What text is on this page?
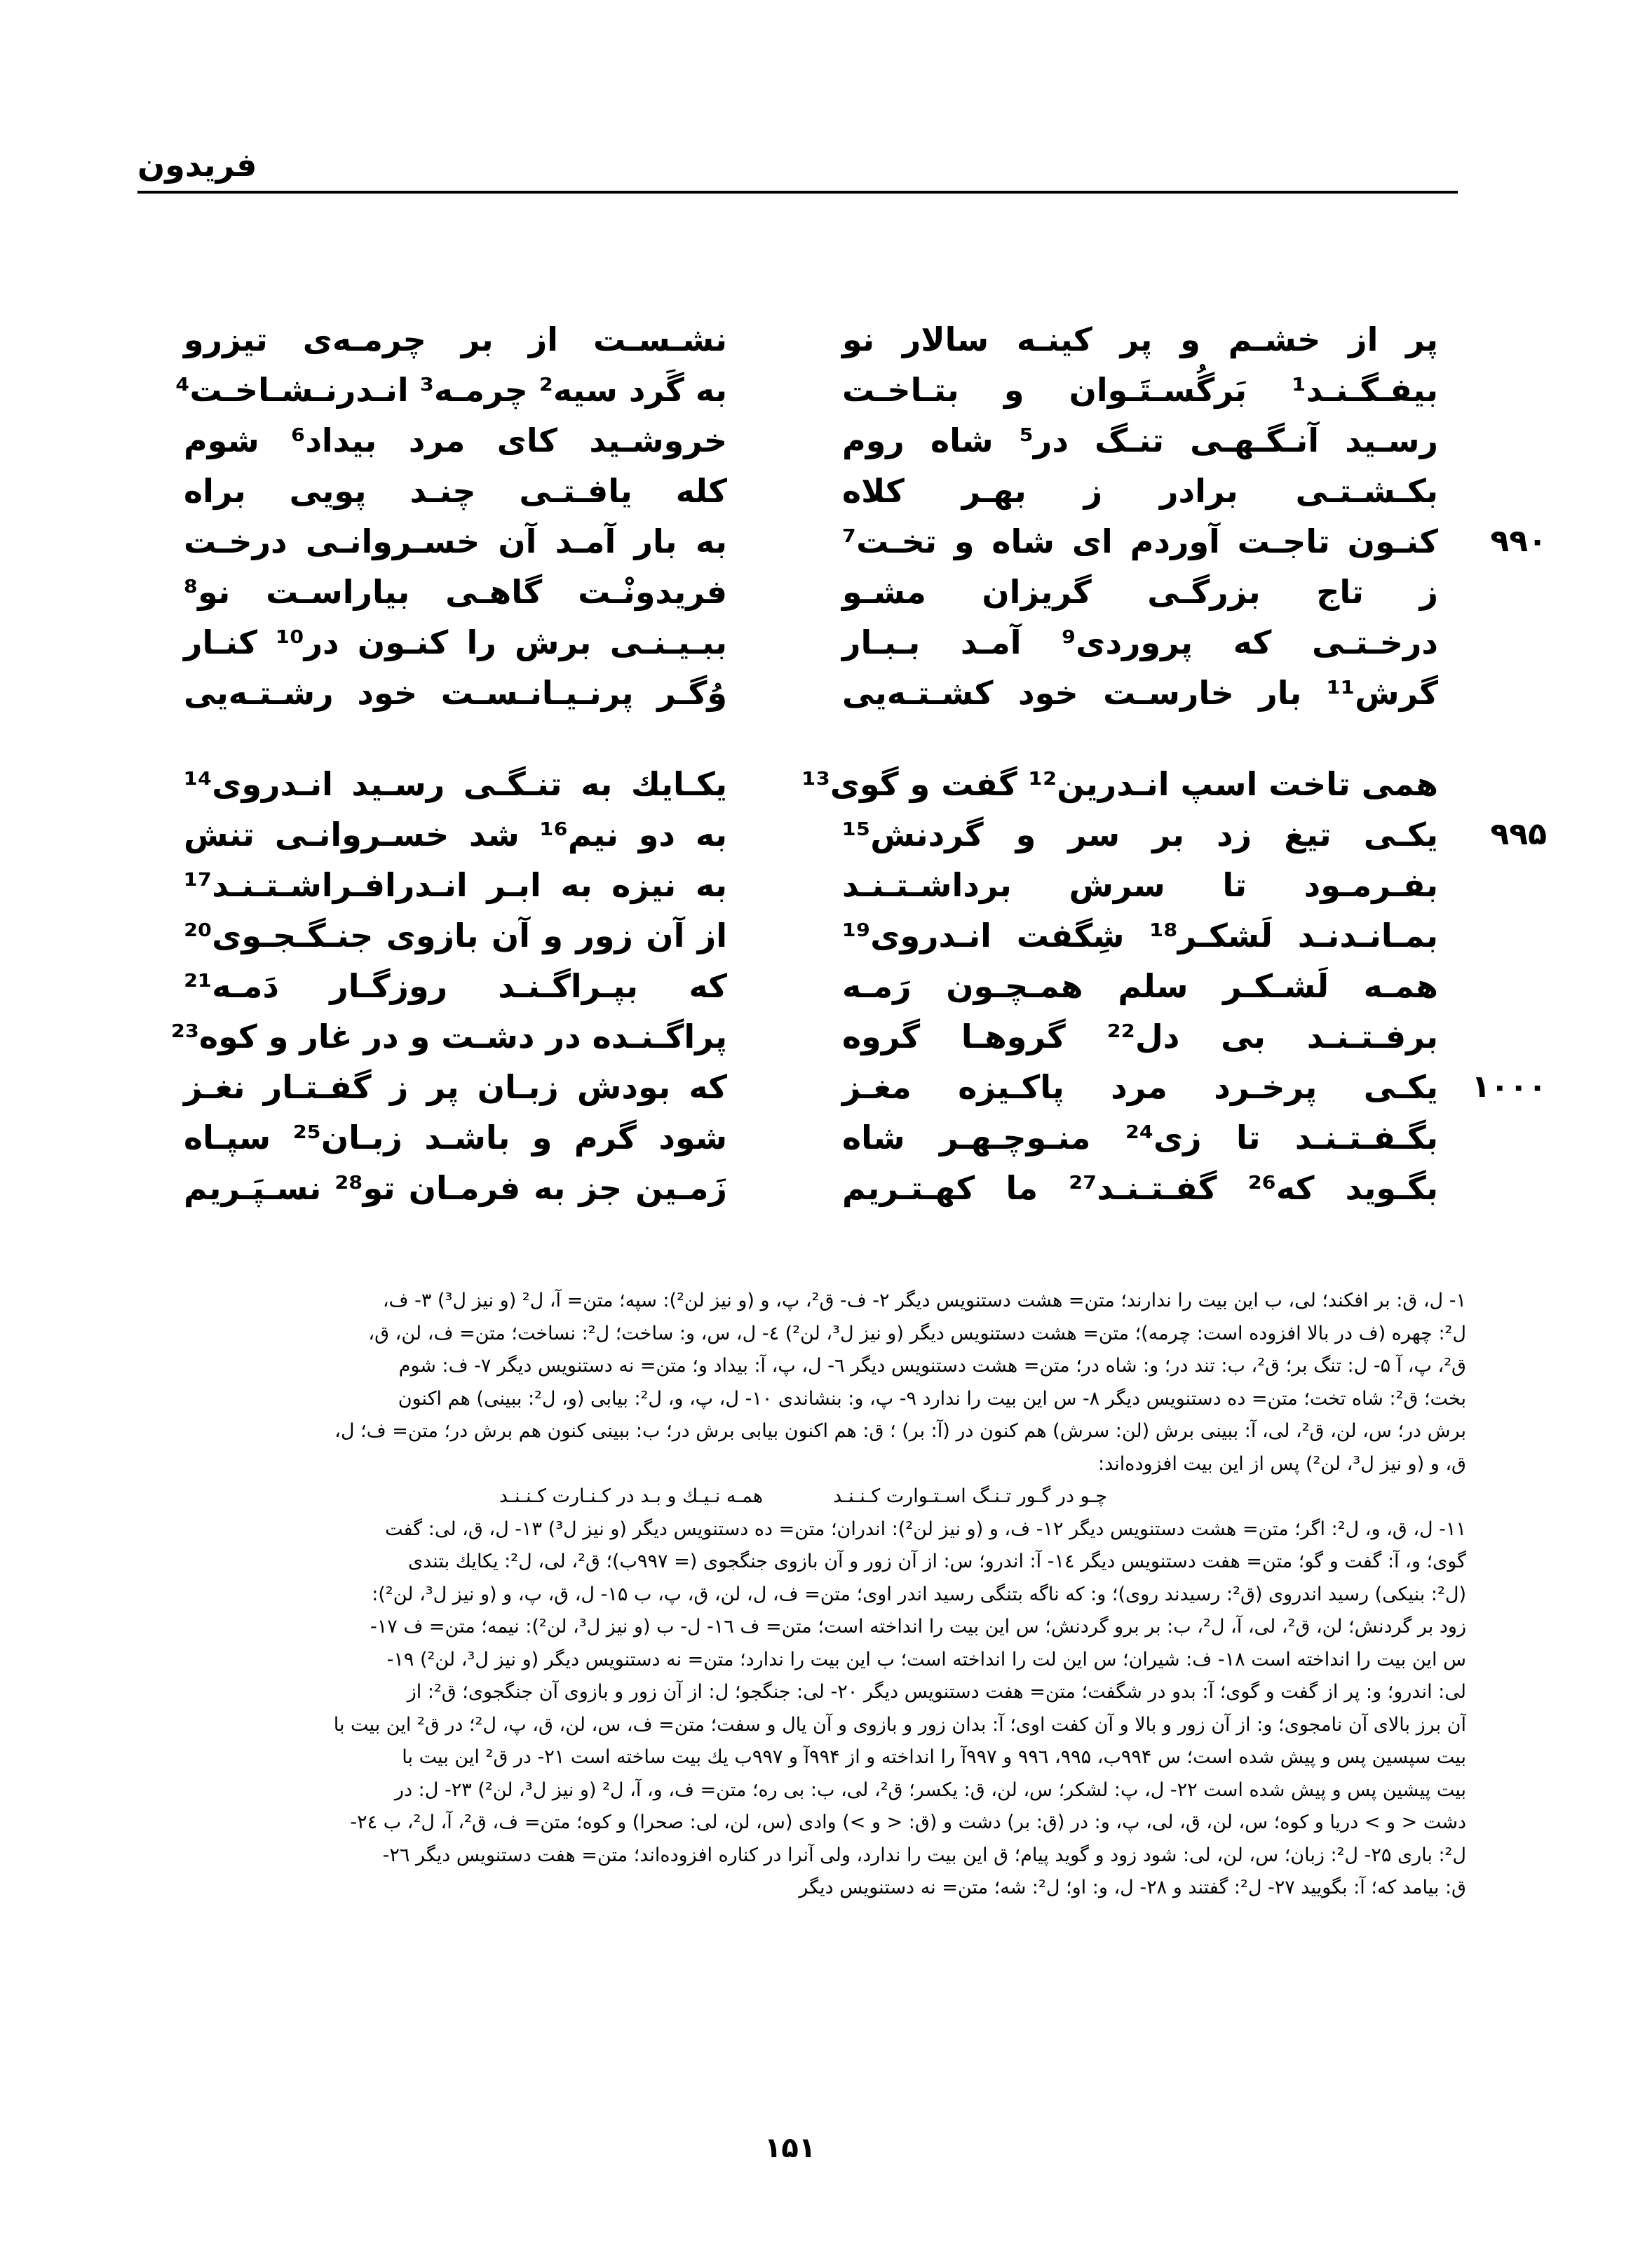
فریدون
پر از خشـم و پر کینـه سالار نو
بیفـگـنـد¹ بَرگُسـتَـوان و بتـاخـت
رسـید آنـگـهـی تنـگ در⁵ شاه روم
بکـشـتـی برادر ز بهـر کلاه
کنـون تاجـت آوردم ای شاه و تخـت⁷ ۹۹۰
ز تاج بزرگـی گریزان مشـو
درخـتـی که پروردی⁹ آمـد بـبـار
گرش¹¹ بار خارسـت خود کشـتـه‌یی
همی تاخت اسپ انـدرین¹² گفت و گوی¹³
یکـی تیغ زد بر سر و گردنش¹⁵ ۹۹۵
بفـرمـود تا سرش برداشـتـنـد
بمـانـدنـد لَشکـر¹⁸ شِگفت انـدروی¹⁹
همـه لَشـکـر سلم همـچـون رَمـه
برفـتـنـد بی دل²² گروهـا گروه
یکـی پرخـرد مرد پاکـیزه مغـز ۱۰۰۰
بگـفـتـنـد تا زی²⁴ منـوچـهـر شاه
بگـوید که²⁶ گفـتـنـد²⁷ ما کهـتـریم
نشـسـت از بر چرمـه‌ی تیزرو
به گَرد سیه² چرمـه³ انـدرنـشـاخـت⁴
خروشـید کای مرد بیداد⁶ شوم
کله یافـتـی چنـد پویی براه
به بار آمـد آن خسـروانـی درخـت
فریدونْـت گاهـی بیاراسـت نو⁸
ببـیـنـی برش را کنـون در¹⁰ کنـار
وُگـر پرنـیـانـسـت خود رشـتـه‌یی
یکـایك به تنـگـی رسـید انـدروی¹⁴
به دو نیم¹⁶ شد خسـروانـی تنش
به نیزه به ابـر انـدرافـراشـتـنـد¹⁷
از آن زور و آن بازوی جنـگـجـوی²⁰
که بپـراگـنـد روزگـار دَمـه²¹
پراگـنـده در دشـت و در غار و کوه²³
که بودش زبـان پر ز گفـتـار نغـز
شود گرم و باشـد زبـان²⁵ سپـاه
زَمـین جز به فرمـان تو²⁸ نسـپَـریم
۱- ل، ق: بر افکند؛ لی، ب این بیت را ندارند؛ متن= هشت دستنویس دیگر ۲- ف- ق²، پ، و (و نیز لن²): سپه؛ متن= آ، ل² (و نیز ل³) ۳- ف،
ل²: چهره (ف در بالا افزوده است: چرمه)؛ متن= هشت دستنویس دیگر (و نیز ل³، لن²) ٤- ل، س، و: ساخت؛ ل²: نساخت؛ متن= ف، لن، ق،
ق²، پ، آ ۵- ل: تنگ بر؛ ق²، ب: تند در؛ و: شاه در؛ متن= هشت دستنویس دیگر ٦- ل، پ، آ: بیداد و؛ متن= نه دستنویس دیگر ۷- ف: شوم
بخت؛ ق²: شاه تخت؛ متن= ده دستنویس دیگر ۸- س این بیت را ندارد ۹- پ، و: بنشاندی ۱۰- ل، پ، و، ل²: بیابی (و، ل²: ببینی) هم اکنون
برش در؛ س، لن، ق²، لی، آ: ببینی برش (لن: سرش) هم کنون در (آ: بر) ؛ ق: هم اکنون بیابی برش در؛ ب: ببینی کنون هم برش در؛ متن= ف؛ ل،
ق، و (و نیز ل³، لن²) پس از این بیت افزوده‌اند:
چـو در گـور تـنـگ اسـتـوارت کـنـنـدهمـه نـیـك و بـد در کـنـارت کـنـنـد
۱۱- ل، ق، و، ل²: اگر؛ متن= هشت دستنویس دیگر ۱۲- ف، و (و نیز لن²): اندران؛ متن= ده دستنویس دیگر (و نیز ل³) ۱۳- ل، ق، لی: گفت
گوی؛ و، آ: گفت و گو؛ متن= هفت دستنویس دیگر ١٤- آ: اندرو؛ س: از آن زور و آن بازوی جنگجوی (= ۹۹۷ب)؛ ق²، لی، ل²: یکایك بتندی
(ل²: بنیکی) رسید اندروی (ق²: رسیدند روی)؛ و: که ناگه بتنگی رسید اندر اوی؛ متن= ف، ل، لن، ق، پ، ب ۱۵- ل، ق، پ، و (و نیز ل³، لن²):
زود بر گردنش؛ لن، ق²، لی، آ، ل²، ب: بر برو گردنش؛ س این بیت را انداخته است؛ متن= ف ۱٦- ل- ب (و نیز ل³، لن²): نیمه؛ متن= ف ۱۷-
س این بیت را انداخته است ۱۸- ف: شیران؛ س این لت را انداخته است؛ ب این بیت را ندارد؛ متن= نه دستنویس دیگر (و نیز ل³، لن²) ۱۹-
لی: اندرو؛ و: پر از گفت و گوی؛ آ: بدو در شگفت؛ متن= هفت دستنویس دیگر ۲۰- لی: جنگجو؛ ل: از آن زور و بازوی آن جنگجوی؛ ق²: از
آن برز بالای آن نامجوی؛ و: از آن زور و بالا و آن کفت اوی؛ آ: بدان زور و بازوی و آن یال و سفت؛ متن= ف، س، لن، ق، پ، ل²؛ در ق² این بیت با
بیت سپسین پس و پیش شده است؛ س ۹۹۴ب، ۹۹۵، ۹۹٦ و ۹۹۷آ را انداخته و از ۹۹۴آ و ۹۹۷ب یك بیت ساخته است ۲۱- در ق² این بیت با
بیت پیشین پس و پیش شده است ۲۲- ل، پ: لشکر؛ س، لن، ق: یکسر؛ ق²، لی، ب: بی ره؛ متن= ف، و، آ، ل² (و نیز ل³، لن²) ۲۳- ل: در
دشت < و > دریا و کوه؛ س، لن، ق، لی، پ، و: در (ق: بر) دشت و (ق: < و >) وادی (س، لن، لی: صحرا) و کوه؛ متن= ف، ق²، آ، ل²، ب ۲٤-
ل²: باری ۲۵- ل²: زبان؛ س، لن، لی: شود زود و گوید پیام؛ ق این بیت را ندارد، ولی آنرا در کناره افزوده‌اند؛ متن= هفت دستنویس دیگر ۲٦-
ق: بیامد که؛ آ: بگویید ۲۷- ل²: گفتند و ۲۸- ل، و: او؛ ل²: شه؛ متن= نه دستنویس دیگر
۱۵۱
